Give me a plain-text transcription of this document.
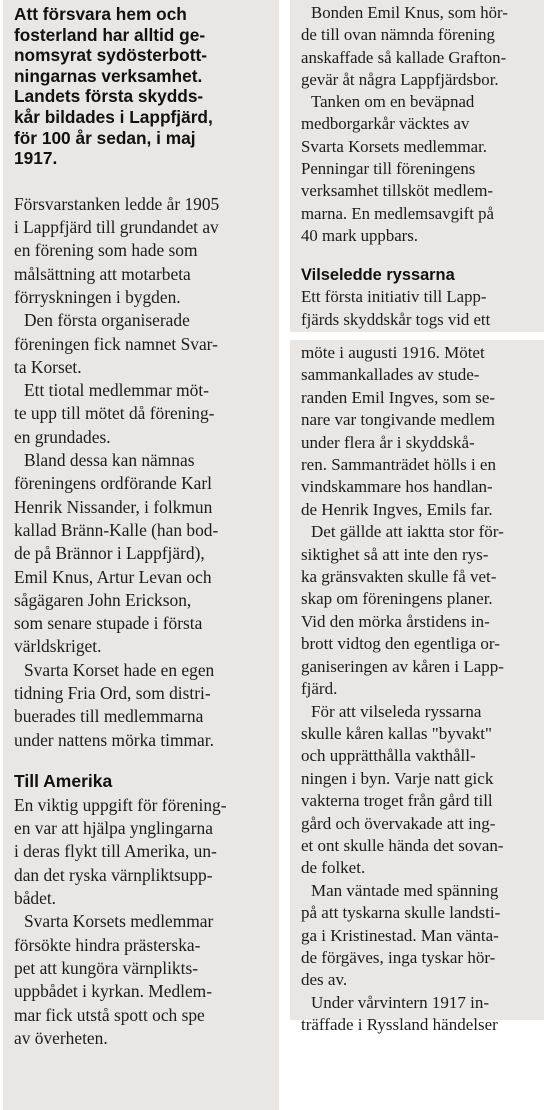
Att försvara hem och
fosterland har alltid ge-
nomsyrat sydösterbott-
ningarnas verksamhet.
Landets första skydds-
kår bildades i Lappfjärd,
för 100 år sedan, i maj
1917.
Försvarstanken ledde år 1905
i Lappfjärd till grundandet av
en förening som hade som
målsättning att motarbeta
förryskningen i bygden.
Den första organiserade
föreningen fick namnet Svar-
ta Korset.
Ett tiotal medlemmar möt-
te upp till mötet då förening-
en grundades.
Bland dessa kan nämnas
föreningens ordförande Karl
Henrik Nissander, i folkmun
kallad Bränn-Kalle (han bod-
de på Brännor i Lappfjärd),
Emil Knus, Artur Levan och
sågägaren John Erickson,
som senare stupade i första
världskriget.
Svarta Korset hade en egen
tidning Fria Ord, som distri-
buerades till medlemmarna
under nattens mörka timmar.
Till Amerika
En viktig uppgift för förening-
en var att hjälpa ynglingarna
i deras flykt till Amerika, un-
dan det ryska värnpliktsupp-
bådet.
Svarta Korsets medlemmar
försökte hindra prästerska-
pet att kungöra värnplikts-
uppbådet i kyrkan. Medlem-
mar fick utstå spott och spe
av överheten.
Bonden Emil Knus, som hör-
de till ovan nämnda förening
anskaffade så kallade Grafton-
gevär åt några Lappfjärdsbor.
Tanken om en beväpnad
medborgarkår väcktes av
Svarta Korsets medlemmar.
Penningar till föreningens
verksamhet tillsköt medlem-
marna. En medlemsavgift på
40 mark uppbars.
Vilseledde ryssarna
Ett första initiativ till Lapp-
fjärds skyddskår togs vid ett
möte i augusti 1916. Mötet
sammankallades av stude-
randen Emil Ingves, som se-
nare var tongivande medlem
under flera år i skyddskå-
ren. Sammanträdet hölls i en
vindskammare hos handlan-
de Henrik Ingves, Emils far.
Det gällde att iaktta stor för-
siktighet så att inte den rys-
ka gränsvakten skulle få vet-
skap om föreningens planer.
Vid den mörka årstidens in-
brott vidtog den egentliga or-
ganiseringen av kåren i Lapp-
fjärd.
För att vilseleda ryssarna
skulle kåren kallas "byvakt"
och upprätthålla vakthåll-
ningen i byn. Varje natt gick
vakterna troget från gård till
gård och övervakade att ing-
et ont skulle hända det sovan-
de folket.
Man väntade med spänning
på att tyskarna skulle landsti-
ga i Kristinestad. Man vänta-
de förgäves, inga tyskar hör-
des av.
Under vårvintern 1917 in-
träffade i Ryssland händelser
